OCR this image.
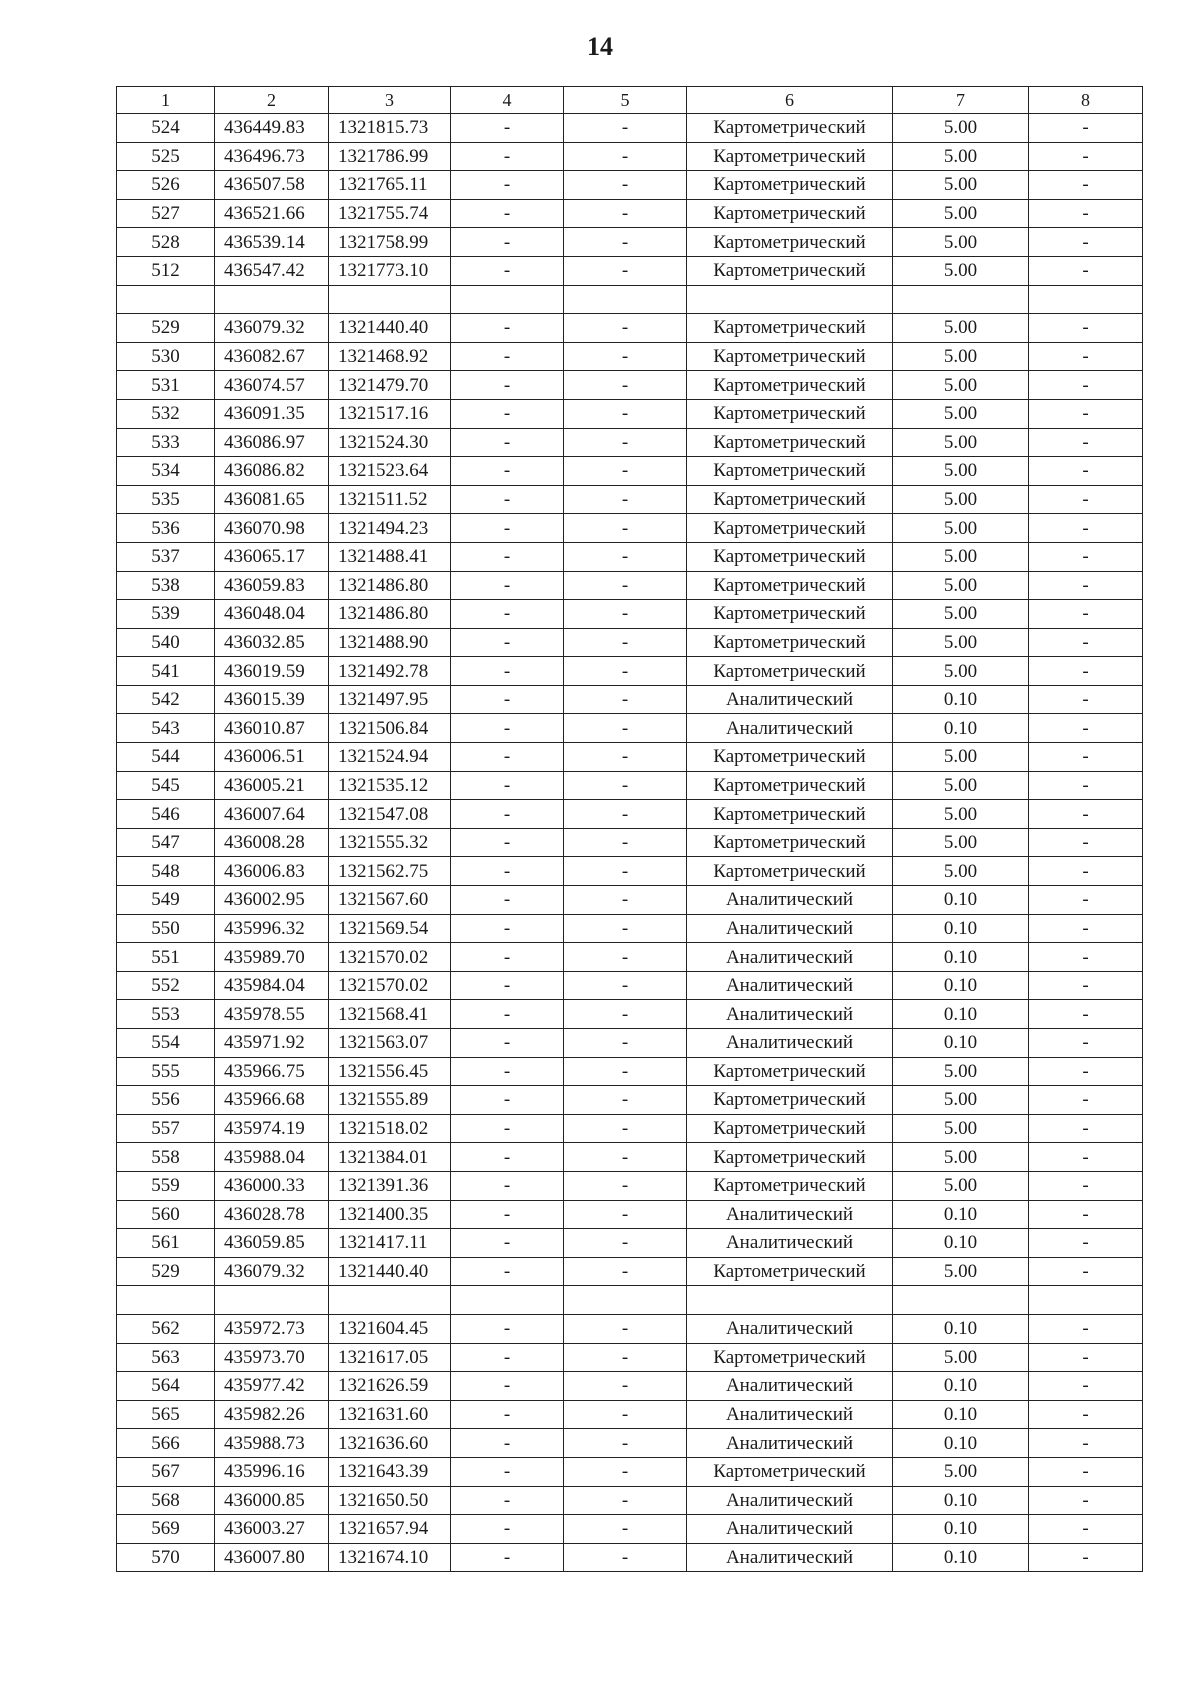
14
1	2	3	4	5	6	7	8
524	436449.83	1321815.73	-	-	Картометрический	5.00	-
525	436496.73	1321786.99	-	-	Картометрический	5.00	-
526	436507.58	1321765.11	-	-	Картометрический	5.00	-
527	436521.66	1321755.74	-	-	Картометрический	5.00	-
528	436539.14	1321758.99	-	-	Картометрический	5.00	-
512	436547.42	1321773.10	-	-	Картометрический	5.00	-

529	436079.32	1321440.40	-	-	Картометрический	5.00	-
530	436082.67	1321468.92	-	-	Картометрический	5.00	-
531	436074.57	1321479.70	-	-	Картометрический	5.00	-
532	436091.35	1321517.16	-	-	Картометрический	5.00	-
533	436086.97	1321524.30	-	-	Картометрический	5.00	-
534	436086.82	1321523.64	-	-	Картометрический	5.00	-
535	436081.65	1321511.52	-	-	Картометрический	5.00	-
536	436070.98	1321494.23	-	-	Картометрический	5.00	-
537	436065.17	1321488.41	-	-	Картометрический	5.00	-
538	436059.83	1321486.80	-	-	Картометрический	5.00	-
539	436048.04	1321486.80	-	-	Картометрический	5.00	-
540	436032.85	1321488.90	-	-	Картометрический	5.00	-
541	436019.59	1321492.78	-	-	Картометрический	5.00	-
542	436015.39	1321497.95	-	-	Аналитический	0.10	-
543	436010.87	1321506.84	-	-	Аналитический	0.10	-
544	436006.51	1321524.94	-	-	Картометрический	5.00	-
545	436005.21	1321535.12	-	-	Картометрический	5.00	-
546	436007.64	1321547.08	-	-	Картометрический	5.00	-
547	436008.28	1321555.32	-	-	Картометрический	5.00	-
548	436006.83	1321562.75	-	-	Картометрический	5.00	-
549	436002.95	1321567.60	-	-	Аналитический	0.10	-
550	435996.32	1321569.54	-	-	Аналитический	0.10	-
551	435989.70	1321570.02	-	-	Аналитический	0.10	-
552	435984.04	1321570.02	-	-	Аналитический	0.10	-
553	435978.55	1321568.41	-	-	Аналитический	0.10	-
554	435971.92	1321563.07	-	-	Аналитический	0.10	-
555	435966.75	1321556.45	-	-	Картометрический	5.00	-
556	435966.68	1321555.89	-	-	Картометрический	5.00	-
557	435974.19	1321518.02	-	-	Картометрический	5.00	-
558	435988.04	1321384.01	-	-	Картометрический	5.00	-
559	436000.33	1321391.36	-	-	Картометрический	5.00	-
560	436028.78	1321400.35	-	-	Аналитический	0.10	-
561	436059.85	1321417.11	-	-	Аналитический	0.10	-
529	436079.32	1321440.40	-	-	Картометрический	5.00	-

562	435972.73	1321604.45	-	-	Аналитический	0.10	-
563	435973.70	1321617.05	-	-	Картометрический	5.00	-
564	435977.42	1321626.59	-	-	Аналитический	0.10	-
565	435982.26	1321631.60	-	-	Аналитический	0.10	-
566	435988.73	1321636.60	-	-	Аналитический	0.10	-
567	435996.16	1321643.39	-	-	Картометрический	5.00	-
568	436000.85	1321650.50	-	-	Аналитический	0.10	-
569	436003.27	1321657.94	-	-	Аналитический	0.10	-
570	436007.80	1321674.10	-	-	Аналитический	0.10	-
